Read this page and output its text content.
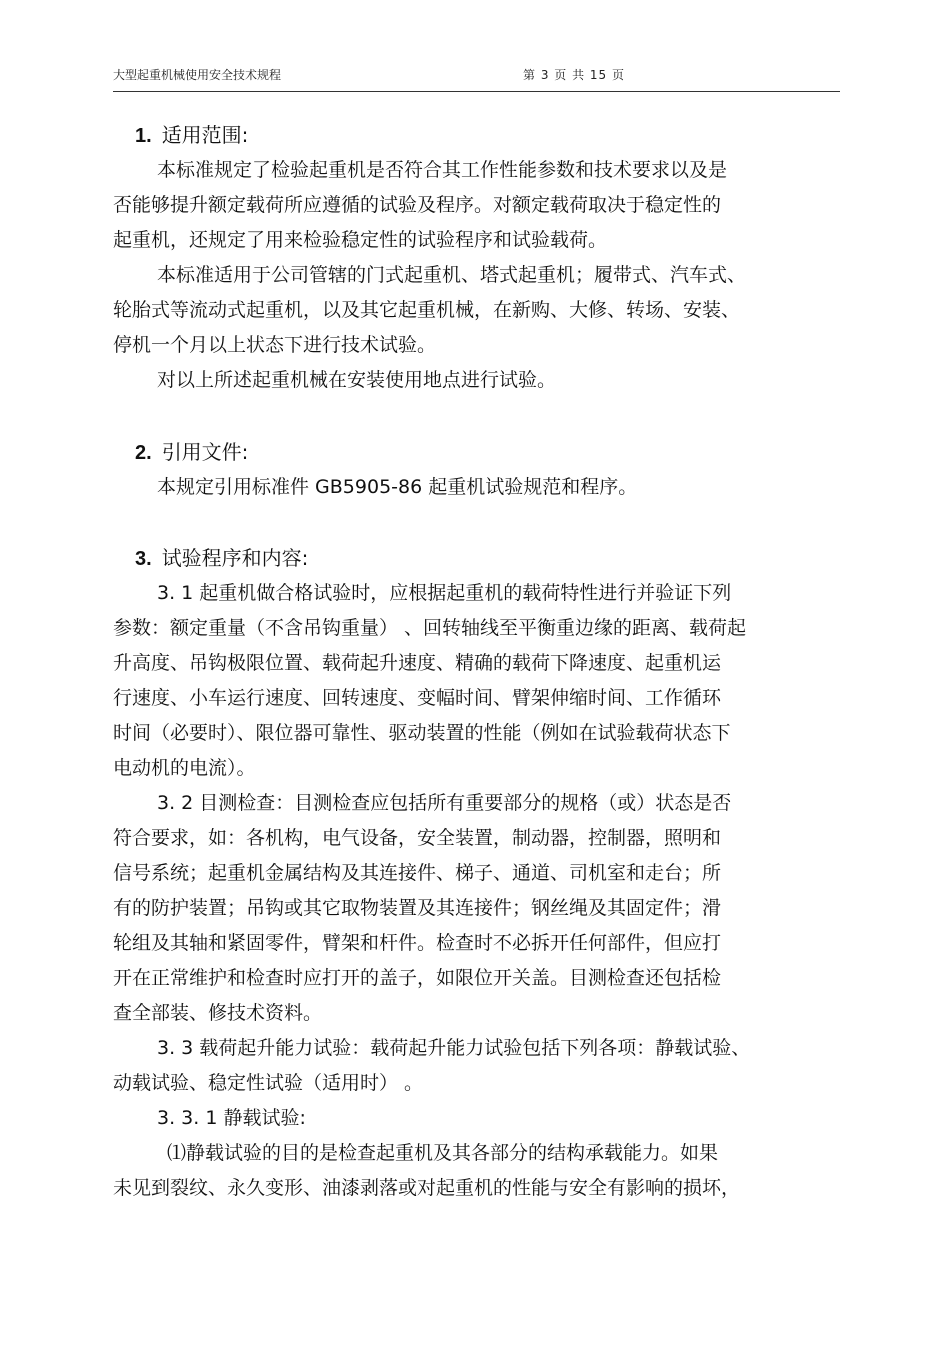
大型起重机械使用安全技术规程	第 3 页 共 15 页
1. 适用范围:
本标准规定了检验起重机是否符合其工作性能参数和技术要求以及是
否能够提升额定载荷所应遵循的试验及程序。对额定载荷取决于稳定性的
起重机，还规定了用来检验稳定性的试验程序和试验载荷。
本标准适用于公司管辖的门式起重机、塔式起重机；履带式、汽车式、
轮胎式等流动式起重机，以及其它起重机械，在新购、大修、转场、安装、
停机一个月以上状态下进行技术试验。
对以上所述起重机械在安装使用地点进行试验。
2. 引用文件:
本规定引用标准件 GB5905-86 起重机试验规范和程序。
3. 试验程序和内容:
3. 1 起重机做合格试验时，应根据起重机的载荷特性进行并验证下列
参数：额定重量（不含吊钩重量） 、回转轴线至平衡重边缘的距离、载荷起
升高度、吊钩极限位置、载荷起升速度、精确的载荷下降速度、起重机运
行速度、小车运行速度、回转速度、变幅时间、臂架伸缩时间、工作循环
时间（必要时）、限位器可靠性、驱动装置的性能（例如在试验载荷状态下
电动机的电流）。
3. 2 目测检查：目测检查应包括所有重要部分的规格（或）状态是否
符合要求，如：各机构，电气设备，安全装置，制动器，控制器，照明和
信号系统；起重机金属结构及其连接件、梯子、通道、司机室和走台；所
有的防护装置；吊钩或其它取物装置及其连接件；钢丝绳及其固定件；滑
轮组及其轴和紧固零件，臂架和杆件。检查时不必拆开任何部件，但应打
开在正常维护和检查时应打开的盖子，如限位开关盖。目测检查还包括检
查全部装、修技术资料。
3. 3 载荷起升能力试验：载荷起升能力试验包括下列各项：静载试验、
动载试验、稳定性试验（适用时） 。
3. 3. 1 静载试验:
⑴静载试验的目的是检查起重机及其各部分的结构承载能力。如果
未见到裂纹、永久变形、油漆剥落或对起重机的性能与安全有影响的损坏，
